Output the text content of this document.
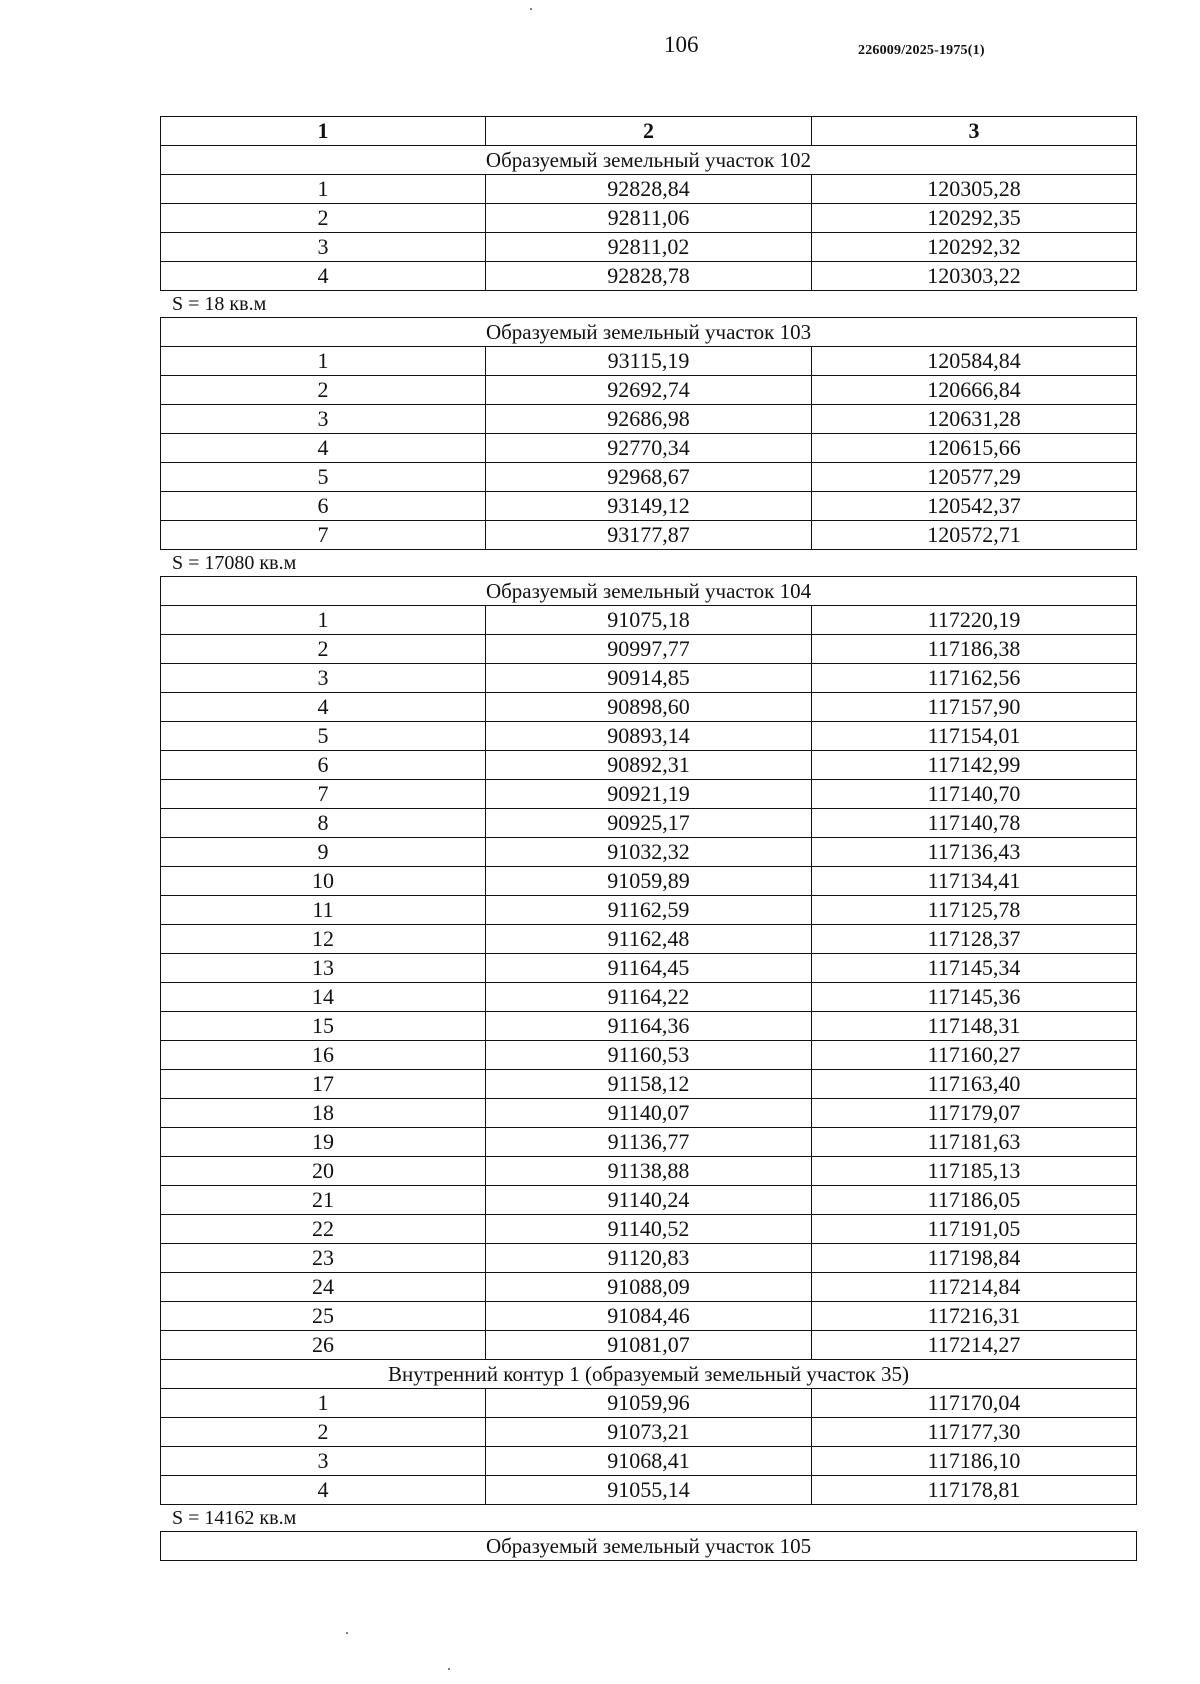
106	226009/2025-1975(1)
1	2	3
Образуемый земельный участок 102		
1	92828,84	120305,28
2	92811,06	120292,35
3	92811,02	120292,32
4	92828,78	120303,22
S = 18 кв.м
Образуемый земельный участок 103		
1	93115,19	120584,84
2	92692,74	120666,84
3	92686,98	120631,28
4	92770,34	120615,66
5	92968,67	120577,29
6	93149,12	120542,37
7	93177,87	120572,71
S = 17080 кв.м
Образуемый земельный участок 104		
1	91075,18	117220,19
2	90997,77	117186,38
3	90914,85	117162,56
4	90898,60	117157,90
5	90893,14	117154,01
6	90892,31	117142,99
7	90921,19	117140,70
8	90925,17	117140,78
9	91032,32	117136,43
10	91059,89	117134,41
11	91162,59	117125,78
12	91162,48	117128,37
13	91164,45	117145,34
14	91164,22	117145,36
15	91164,36	117148,31
16	91160,53	117160,27
17	91158,12	117163,40
18	91140,07	117179,07
19	91136,77	117181,63
20	91138,88	117185,13
21	91140,24	117186,05
22	91140,52	117191,05
23	91120,83	117198,84
24	91088,09	117214,84
25	91084,46	117216,31
26	91081,07	117214,27
Внутренний контур 1 (образуемый земельный участок 35)		
1	91059,96	117170,04
2	91073,21	117177,30
3	91068,41	117186,10
4	91055,14	117178,81
S = 14162 кв.м
Образуемый земельный участок 105
